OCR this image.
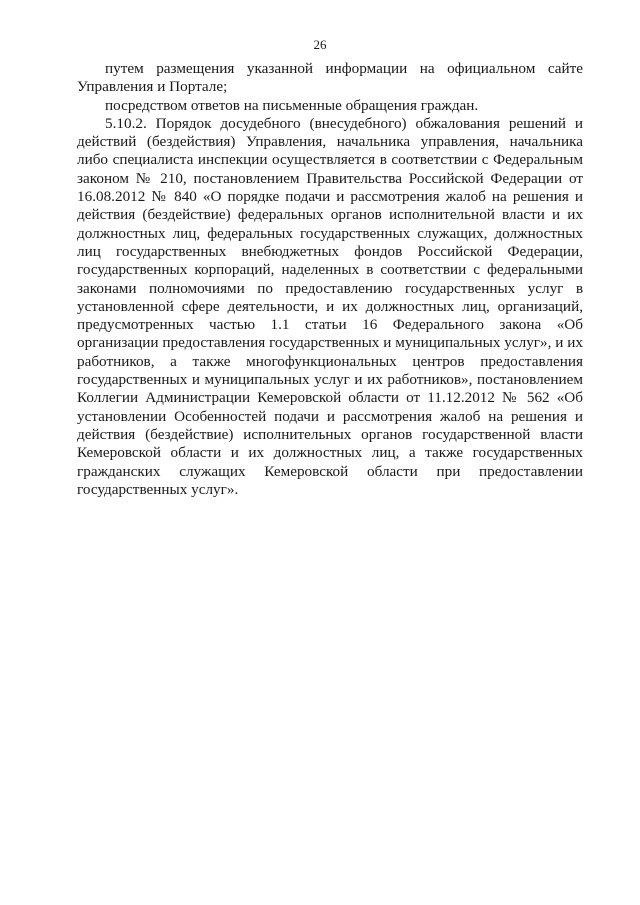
26

путем размещения указанной информации на официальном сайте Управления и Портале;

посредством ответов на письменные обращения граждан.

5.10.2. Порядок досудебного (внесудебного) обжалования решений и действий (бездействия) Управления, начальника управления, начальника либо специалиста инспекции осуществляется в соответствии с Федеральным законом № 210, постановлением Правительства Российской Федерации от 16.08.2012 № 840 «О порядке подачи и рассмотрения жалоб на решения и действия (бездействие) федеральных органов исполнительной власти и их должностных лиц, федеральных государственных служащих, должностных лиц государственных внебюджетных фондов Российской Федерации, государственных корпораций, наделенных в соответствии с федеральными законами полномочиями по предоставлению государственных услуг в установленной сфере деятельности, и их должностных лиц, организаций, предусмотренных частью 1.1 статьи 16 Федерального закона «Об организации предоставления государственных и муниципальных услуг», и их работников, а также многофункциональных центров предоставления государственных и муниципальных услуг и их работников», постановлением Коллегии Администрации Кемеровской области от 11.12.2012 № 562 «Об установлении Особенностей подачи и рассмотрения жалоб на решения и действия (бездействие) исполнительных органов государственной власти Кемеровской области и их должностных лиц, а также государственных гражданских служащих Кемеровской области при предоставлении государственных услуг».
